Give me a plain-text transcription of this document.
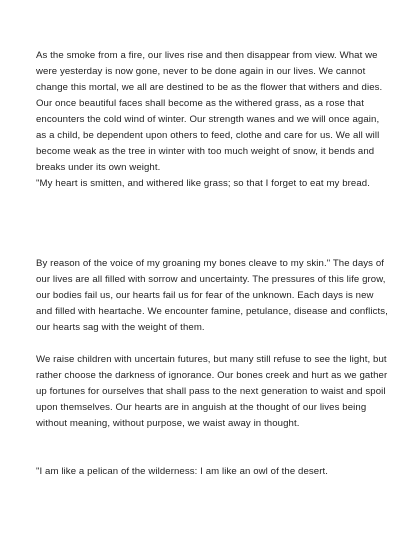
As the smoke from a fire, our lives rise and then disappear from view. What we were yesterday is now gone, never to be done again in our lives. We cannot change this mortal, we all are destined to be as the flower that withers and dies. Our once beautiful faces shall become as the withered grass, as a rose that encounters the cold wind of winter. Our strength wanes and we will once again, as a child, be dependent upon others to feed, clothe and care for us. We all will become weak as the tree in winter with too much weight of snow, it bends and breaks under its own weight.

"My heart is smitten, and withered like grass; so that I forget to eat my bread.

By reason of the voice of my groaning my bones cleave to my skin." The days of our lives are all filled with sorrow and uncertainty. The pressures of this life grow, our bodies fail us, our hearts fail us for fear of the unknown. Each days is new and filled with heartache. We encounter famine, petulance, disease and conflicts, our hearts sag with the weight of them.

We raise children with uncertain futures, but many still refuse to see the light, but rather choose the darkness of ignorance. Our bones creek and hurt as we gather up fortunes for ourselves that shall pass to the next generation to waist and spoil upon themselves. Our hearts are in anguish at the thought of our lives being without meaning, without purpose, we waist away in thought.

"I am like a pelican of the wilderness: I am like an owl of the desert.
